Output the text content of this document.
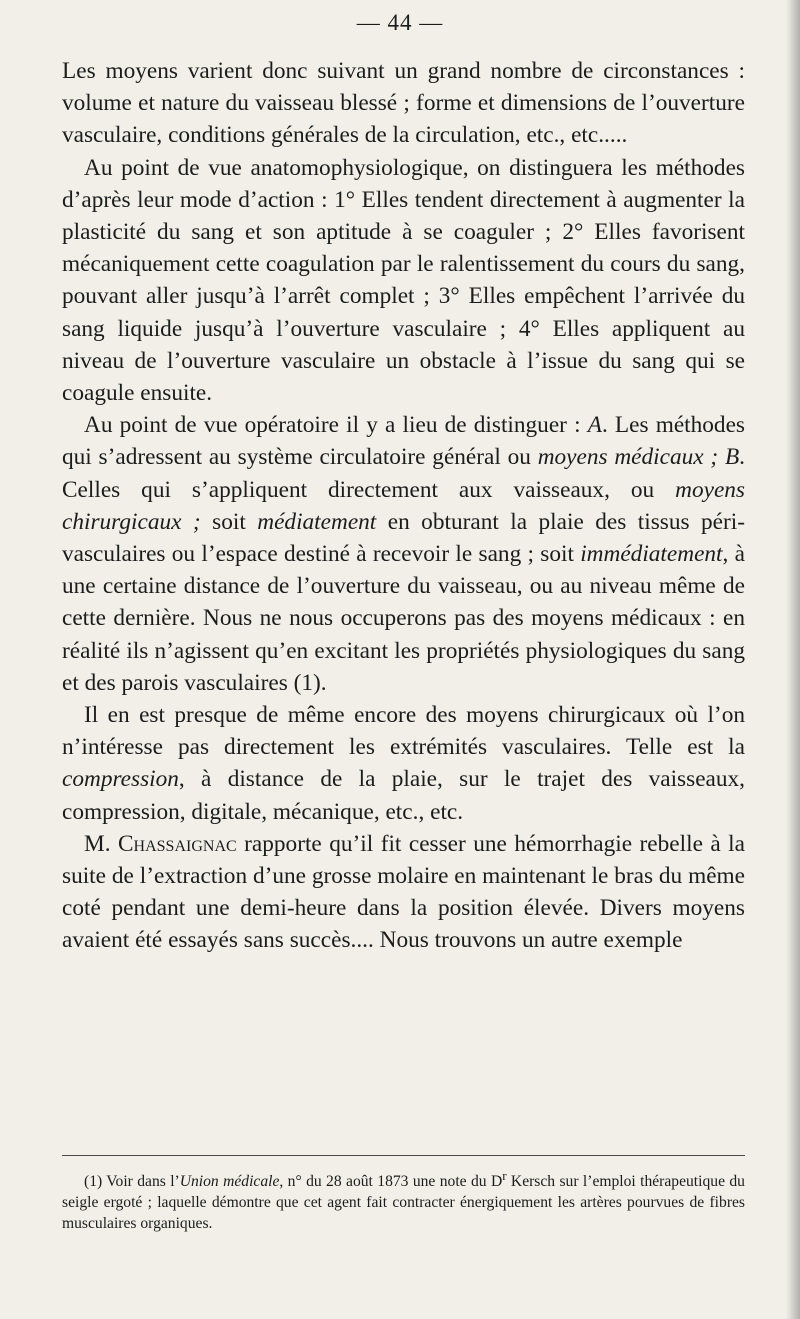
— 44 —

Les moyens varient donc suivant un grand nombre de circonstances : volume et nature du vaisseau blessé ; forme et dimensions de l’ouverture vasculaire, conditions générales de la circulation, etc., etc.....

Au point de vue anatomophysiologique, on distinguera les méthodes d’après leur mode d’action : 1° Elles tendent directement à augmenter la plasticité du sang et son aptitude à se coaguler ; 2° Elles favorisent mécaniquement cette coagulation par le ralentissement du cours du sang, pouvant aller jusqu’à l’arrêt complet ; 3° Elles empêchent l’arrivée du sang liquide jusqu’à l’ouverture vasculaire ; 4° Elles appliquent au niveau de l’ouverture vasculaire un obstacle à l’issue du sang qui se coagule ensuite.

Au point de vue opératoire il y a lieu de distinguer : A. Les méthodes qui s’adressent au système circulatoire général ou moyens médicaux ; B. Celles qui s’appliquent directement aux vaisseaux, ou moyens chirurgicaux ; soit médiatement en obturant la plaie des tissus péri-vasculaires ou l’espace destiné à recevoir le sang ; soit immédiatement, à une certaine distance de l’ouverture du vaisseau, ou au niveau même de cette dernière. Nous ne nous occuperons pas des moyens médicaux : en réalité ils n’agissent qu’en excitant les propriétés physiologiques du sang et des parois vasculaires (1).

Il en est presque de même encore des moyens chirurgicaux où l’on n’intéresse pas directement les extrémités vasculaires. Telle est la compression, à distance de la plaie, sur le trajet des vaisseaux, compression, digitale, mécanique, etc., etc.

M. Chassaignac rapporte qu’il fit cesser une hémorrhagie rebelle à la suite de l’extraction d’une grosse molaire en maintenant le bras du même coté pendant une demi-heure dans la position élevée. Divers moyens avaient été essayés sans succès.... Nous trouvons un autre exemple

(1) Voir dans l’Union médicale, n° du 28 août 1873 une note du $D^r$ Kersch sur l’emploi thérapeutique du seigle ergoté ; laquelle démontre que cet agent fait contracter énergiquement les artères pourvues de fibres musculaires organiques.
